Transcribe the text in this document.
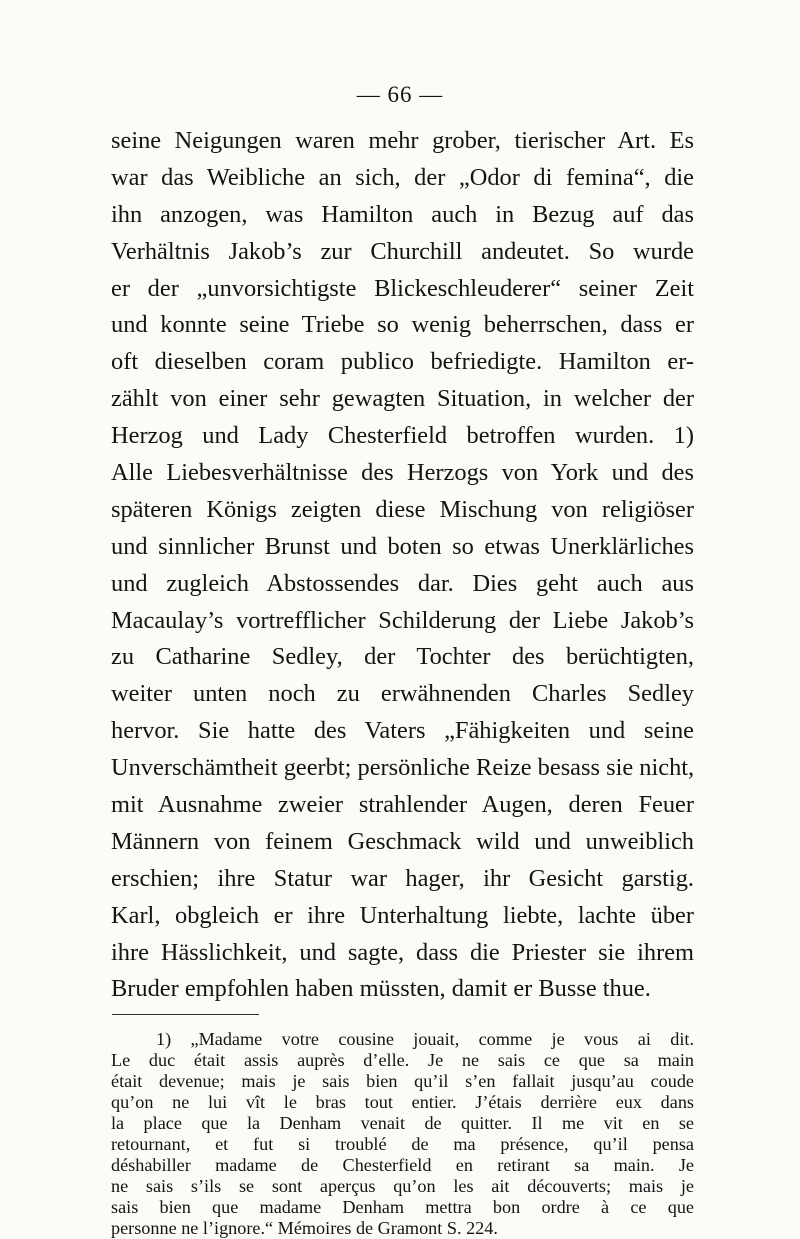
— 66 —
seine Neigungen waren mehr grober, tierischer Art. Es
war das Weibliche an sich, der „Odor di femina“, die
ihn anzogen, was Hamilton auch in Bezug auf das
Verhältnis Jakob’s zur Churchill andeutet. So wurde
er der „unvorsichtigste Blickeschleuderer“ seiner Zeit
und konnte seine Triebe so wenig beherrschen, dass er
oft dieselben coram publico befriedigte. Hamilton er-
zählt von einer sehr gewagten Situation, in welcher der
Herzog und Lady Chesterfield betroffen wurden. 1)
Alle Liebesverhältnisse des Herzogs von York und des
späteren Königs zeigten diese Mischung von religiöser
und sinnlicher Brunst und boten so etwas Unerklärliches
und zugleich Abstossendes dar. Dies geht auch aus
Macaulay’s vortrefflicher Schilderung der Liebe Jakob’s
zu Catharine Sedley, der Tochter des berüchtigten,
weiter unten noch zu erwähnenden Charles Sedley
hervor. Sie hatte des Vaters „Fähigkeiten und seine
Unverschämtheit geerbt; persönliche Reize besass sie nicht,
mit Ausnahme zweier strahlender Augen, deren Feuer
Männern von feinem Geschmack wild und unweiblich
erschien; ihre Statur war hager, ihr Gesicht garstig.
Karl, obgleich er ihre Unterhaltung liebte, lachte über
ihre Hässlichkeit, und sagte, dass die Priester sie ihrem
Bruder empfohlen haben müssten, damit er Busse thue.
1) „Madame votre cousine jouait, comme je vous ai dit.
Le duc était assis auprès d’elle. Je ne sais ce que sa main
était devenue; mais je sais bien qu’il s’en fallait jusqu’au coude
qu’on ne lui vît le bras tout entier. J’étais derrière eux dans
la place que la Denham venait de quitter. Il me vit en se
retournant, et fut si troublé de ma présence, qu’il pensa
déshabiller madame de Chesterfield en retirant sa main. Je
ne sais s’ils se sont aperçus qu’on les ait découverts; mais je
sais bien que madame Denham mettra bon ordre à ce que
personne ne l’ignore.“ Mémoires de Gramont S. 224.
